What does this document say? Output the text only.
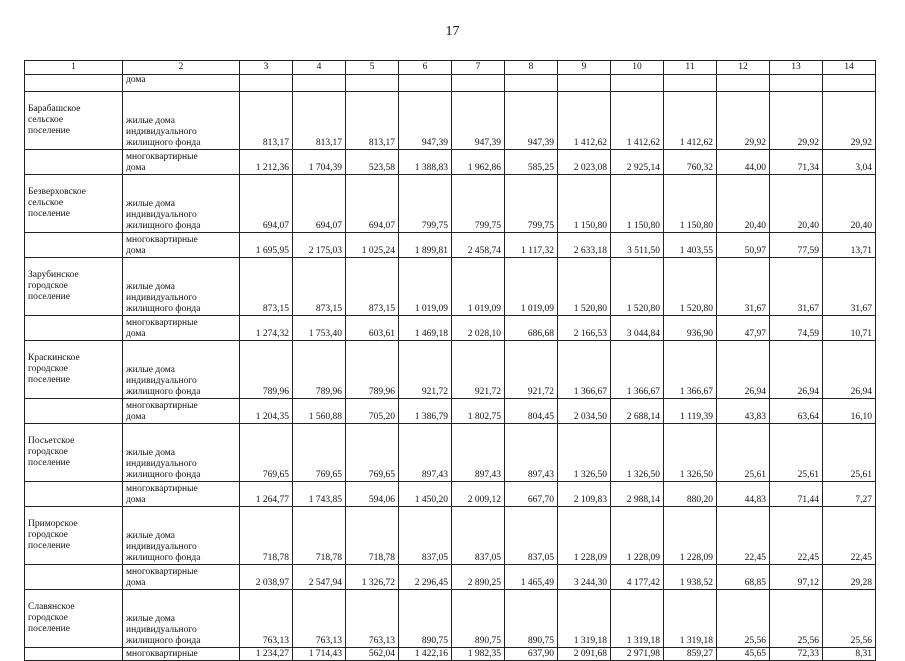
17
1	2	3	4	5	6	7	8	9	10	11	12	13	14
	дома												

Барабашское
сельское
поселение	жилые дома
индивидуального
жилищного фонда	813,17	813,17	813,17	947,39	947,39	947,39	1 412,62	1 412,62	1 412,62	29,92	29,92	29,92

	многоквартирные
дома	1 212,36	1 704,39	523,58	1 388,83	1 962,86	585,25	2 023,08	2 925,14	760,32	44,00	71,34	3,04

Безверховское
сельское
поселение	жилые дома
индивидуального
жилищного фонда	694,07	694,07	694,07	799,75	799,75	799,75	1 150,80	1 150,80	1 150,80	20,40	20,40	20,40

	многоквартирные
дома	1 695,95	2 175,03	1 025,24	1 899,81	2 458,74	1 117,32	2 633,18	3 511,50	1 403,55	50,97	77,59	13,71

Зарубинское
городское
поселение	жилые дома
индивидуального
жилищного фонда	873,15	873,15	873,15	1 019,09	1 019,09	1 019,09	1 520,80	1 520,80	1 520,80	31,67	31,67	31,67

	многоквартирные
дома	1 274,32	1 753,40	603,61	1 469,18	2 028,10	686,68	2 166,53	3 044,84	936,90	47,97	74,59	10,71

Краскинское
городское
поселение	жилые дома
индивидуального
жилищного фонда	789,96	789,96	789,96	921,72	921,72	921,72	1 366,67	1 366,67	1 366,67	26,94	26,94	26,94

	многоквартирные
дома	1 204,35	1 560,88	705,20	1 386,79	1 802,75	804,45	2 034,50	2 688,14	1 119,39	43,83	63,64	16,10

Посьетское
городское
поселение	жилые дома
индивидуального
жилищного фонда	769,65	769,65	769,65	897,43	897,43	897,43	1 326,50	1 326,50	1 326,50	25,61	25,61	25,61

	многоквартирные
дома	1 264,77	1 743,85	594,06	1 450,20	2 009,12	667,70	2 109,83	2 988,14	880,20	44,83	71,44	7,27

Приморское
городское
поселение	жилые дома
индивидуального
жилищного фонда	718,78	718,78	718,78	837,05	837,05	837,05	1 228,09	1 228,09	1 228,09	22,45	22,45	22,45

	многоквартирные
дома	2 038,97	2 547,94	1 326,72	2 296,45	2 890,25	1 465,49	3 244,30	4 177,42	1 938,52	68,85	97,12	29,28

Славянское
городское
поселение	жилые дома
индивидуального
жилищного фонда	763,13	763,13	763,13	890,75	890,75	890,75	1 319,18	1 319,18	1 319,18	25,56	25,56	25,56

	многоквартирные	1 234,27	1 714,43	562,04	1 422,16	1 982,35	637,90	2 091,68	2 971,98	859,27	45,65	72,33	8,31
